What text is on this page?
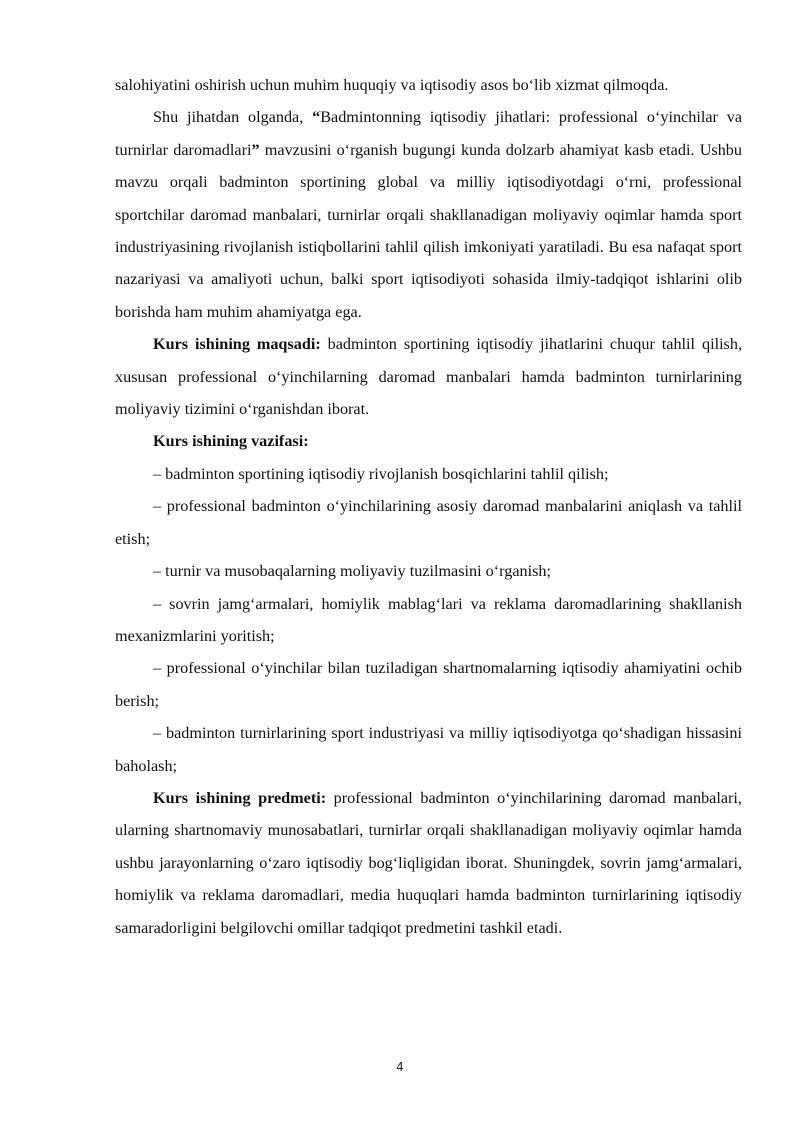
salohiyatini oshirish uchun muhim huquqiy va iqtisodiy asos bo‘lib xizmat qilmoqda.

Shu jihatdan olganda, “Badmintonning iqtisodiy jihatlari: professional o‘yinchilar va turnirlar daromadlari” mavzusini o‘rganish bugungi kunda dolzarb ahamiyat kasb etadi. Ushbu mavzu orqali badminton sportining global va milliy iqtisodiyotdagi o‘rni, professional sportchilar daromad manbalari, turnirlar orqali shakllanadigan moliyaviy oqimlar hamda sport industriyasining rivojlanish istiqbollarini tahlil qilish imkoniyati yaratiladi. Bu esa nafaqat sport nazariyasi va amaliyoti uchun, balki sport iqtisodiyoti sohasida ilmiy-tadqiqot ishlarini olib borishda ham muhim ahamiyatga ega.

Kurs ishining maqsadi: badminton sportining iqtisodiy jihatlarini chuqur tahlil qilish, xususan professional o‘yinchilarning daromad manbalari hamda badminton turnirlarining moliyaviy tizimini o‘rganishdan iborat.

Kurs ishining vazifasi:

– badminton sportining iqtisodiy rivojlanish bosqichlarini tahlil qilish;

– professional badminton o‘yinchilarining asosiy daromad manbalarini aniqlash va tahlil etish;

– turnir va musobaqalarning moliyaviy tuzilmasini o‘rganish;

– sovrin jamg‘armalari, homiylik mablag‘lari va reklama daromadlarining shakllanish mexanizmlarini yoritish;

– professional o‘yinchilar bilan tuziladigan shartnomalarning iqtisodiy ahamiyatini ochib berish;

– badminton turnirlarining sport industriyasi va milliy iqtisodiyotga qo‘shadigan hissasini baholash;

Kurs ishining predmeti: professional badminton o‘yinchilarining daromad manbalari, ularning shartnomaviy munosabatlari, turnirlar orqali shakllanadigan moliyaviy oqimlar hamda ushbu jarayonlarning o‘zaro iqtisodiy bog‘liqligidan iborat. Shuningdek, sovrin jamg‘armalari, homiylik va reklama daromadlari, media huquqlari hamda badminton turnirlarining iqtisodiy samaradorligini belgilovchi omillar tadqiqot predmetini tashkil etadi.

4
